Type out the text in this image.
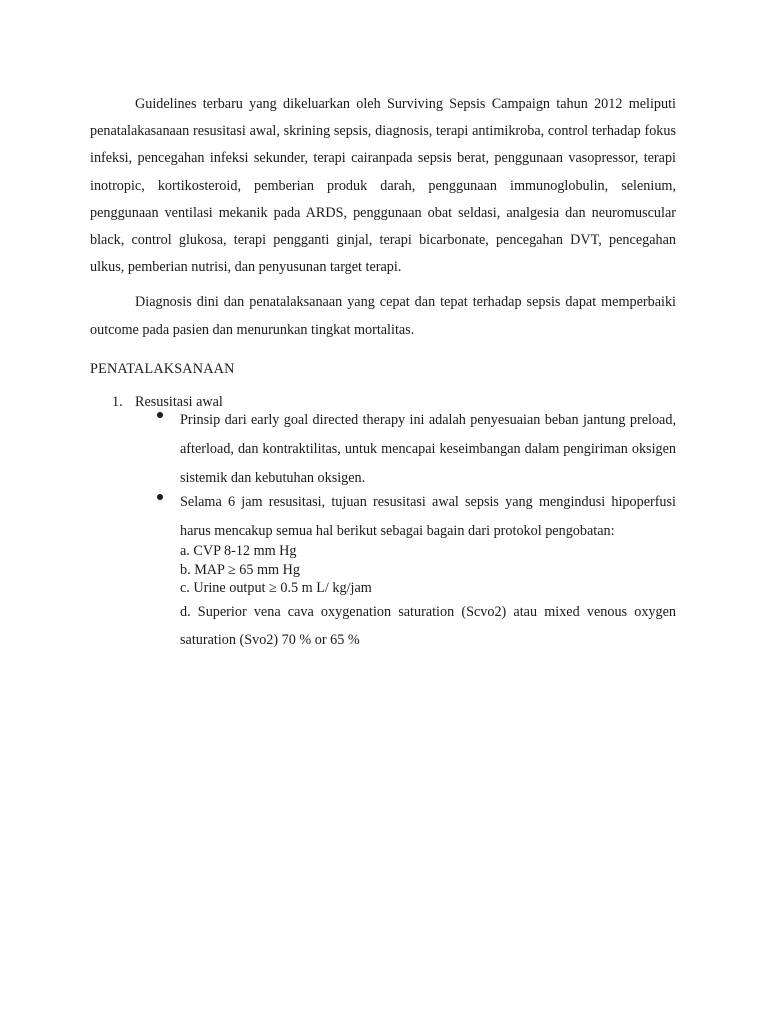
Guidelines terbaru yang dikeluarkan oleh Surviving Sepsis Campaign tahun 2012 meliputi penatalakasanaan resusitasi awal, skrining sepsis, diagnosis, terapi antimikroba, control terhadap fokus infeksi, pencegahan infeksi sekunder, terapi cairanpada sepsis berat, penggunaan vasopressor, terapi inotropic, kortikosteroid, pemberian produk darah, penggunaan immunoglobulin, selenium, penggunaan ventilasi mekanik pada ARDS, penggunaan obat seldasi, analgesia dan neuromuscular black, control glukosa, terapi pengganti ginjal, terapi bicarbonate, pencegahan DVT, pencegahan ulkus, pemberian nutrisi, dan penyusunan target terapi.

Diagnosis dini dan penatalaksanaan yang cepat dan tepat terhadap sepsis dapat memperbaiki outcome pada pasien dan menurunkan tingkat mortalitas.

PENATALAKSANAAN
1. Resusitasi awal
Prinsip dari early goal directed therapy ini adalah penyesuaian beban jantung preload, afterload, dan kontraktilitas, untuk mencapai keseimbangan dalam pengiriman oksigen sistemik dan kebutuhan oksigen.
Selama 6 jam resusitasi, tujuan resusitasi awal sepsis yang mengindusi hipoperfusi harus mencakup semua hal berikut sebagai bagain dari protokol pengobatan:
a. CVP 8-12 mm Hg
b. MAP ≥ 65 mm Hg
c. Urine output ≥ 0.5 m L/ kg/jam
d. Superior vena cava oxygenation saturation (Scvo2) atau mixed venous oxygen saturation (Svo2) 70 % or 65 %
